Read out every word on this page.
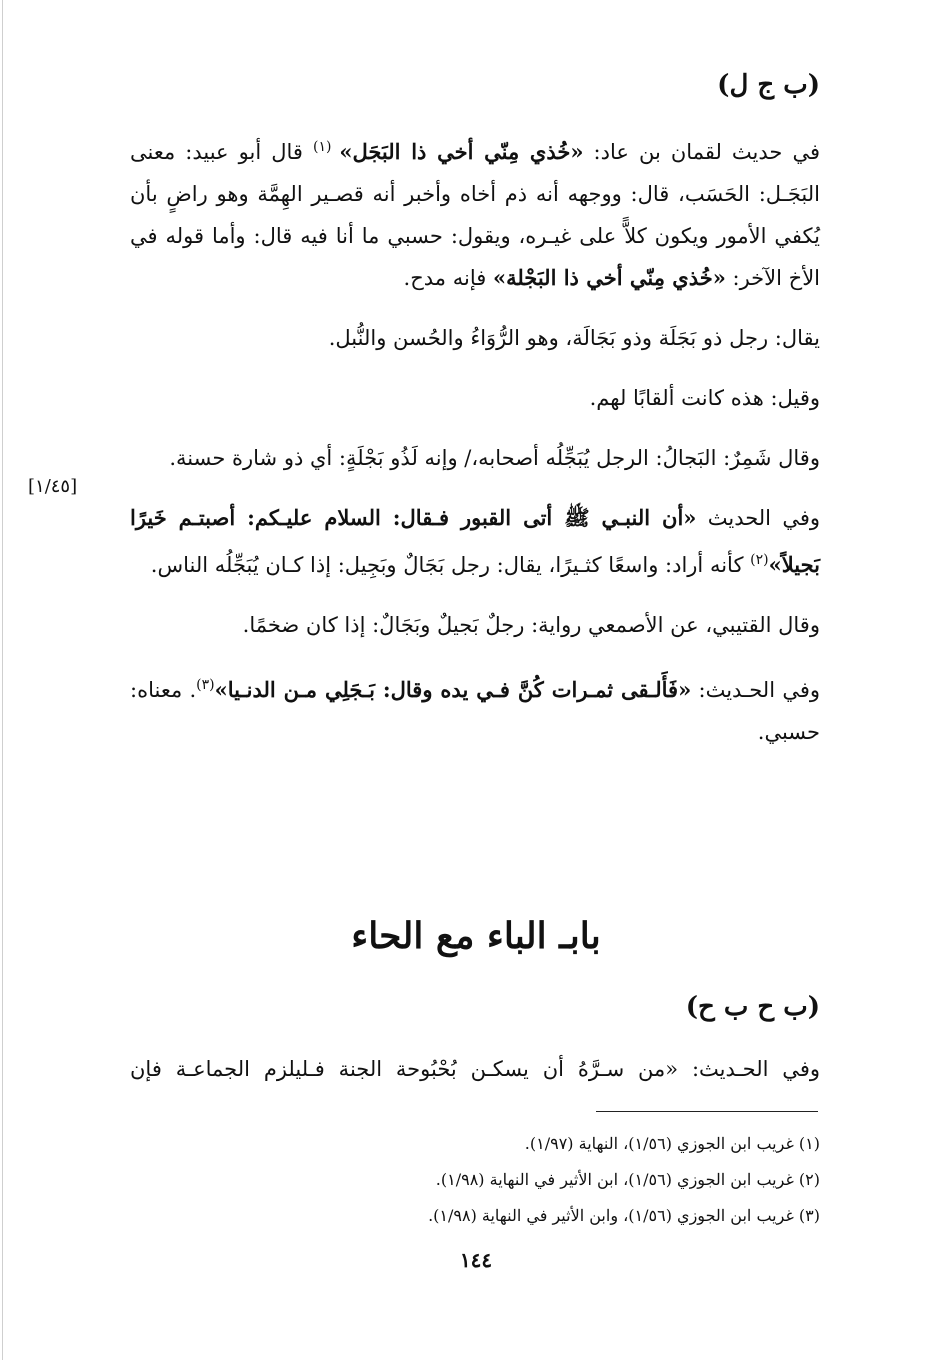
(ب ج ل)

في حديث لقمان بن عاد: «خُذي مِنّي أخي ذا البَجَل» $^{(١)}$ قال أبو عبيد: معنى البَجَـل: الحَسَب، قال: ووجهه أنه ذم أخاه وأخبر أنه قصـير الهِمَّة وهو راضٍ بأن يُكفي الأمور ويكون كلاًّ على غيـره، ويقول: حسبي ما أنا فيه قال: وأما قوله في الأخ الآخر: «خُذي مِنّي أخي ذا البَجْلة» فإنه مدح.

يقال: رجل ذو بَجَلَة وذو بَجَالَة، وهو الرُّوَاءُ والحُسن والنُّبل.

وقيل: هذه كانت ألقابًا لهم.

وقال شَمِرٌ: البَجالُ: الرجل يُبَجِّلُه أصحابه،/ وإنه لَذُو بَجْلَةٍ: أي ذو شارة حسنة.

وفي الحديث «أن النبـي ﷺ أتى القبور فـقال: السلام عليـكم: أصبتـم خَيرًا بَجيلاً»$^{(٢)}$ كأنه أراد: واسعًا كثـيرًا، يقال: رجل بَجَالٌ وبَجِيل: إذا كـان يُبَجِّلُه الناس.

وقال القتيبي، عن الأصمعي رواية: رجلٌ بَجيلٌ وبَجَالٌ: إذا كان ضخمًا.

وفي الحـديث: «فَأَلـقى ثمـرات كُنَّ فـي يده وقال: بَـجَلِي مـن الدنـيا»$^{(٣)}$. معناه: حسبي.

[١/٤٥]
بابـ الباء مع الحاء
(ب ح ب ح)
وفي الحـديث: «من سـرَّهُ أن يسكـن بُحْبُوحة الجنة فـليلزم الجماعـة فإن

(١) غريب ابن الجوزي (١/٥٦)، النهاية (١/٩٧).

(٢) غريب ابن الجوزي (١/٥٦)، ابن الأثير في النهاية (١/٩٨).

(٣) غريب ابن الجوزي (١/٥٦)، وابن الأثير في النهاية (١/٩٨).

١٤٤
